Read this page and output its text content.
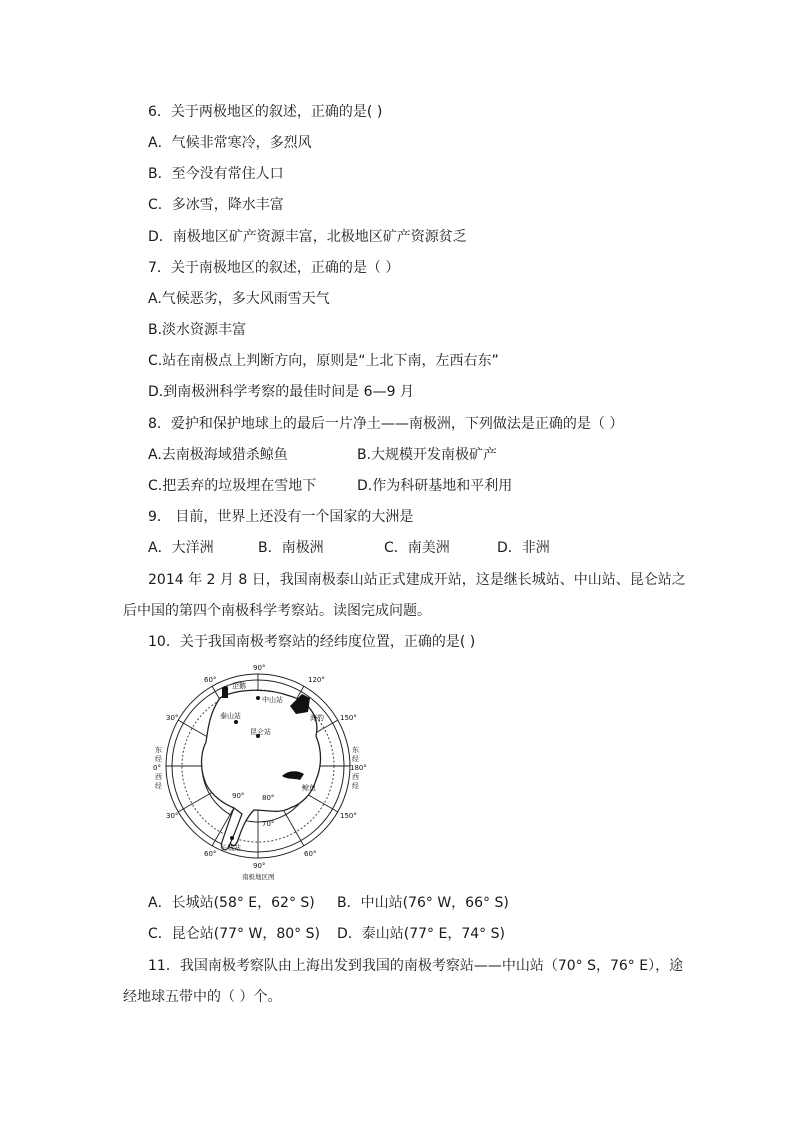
6．关于两极地区的叙述，正确的是( )
A．气候非常寒冷，多烈风
B．至今没有常住人口
C．多冰雪，降水丰富
D．南极地区矿产资源丰富，北极地区矿产资源贫乏
7．关于南极地区的叙述，正确的是（ ）
A.气候恶劣，多大风雨雪天气
B.淡水资源丰富
C.站在南极点上判断方向，原则是“上北下南，左西右东”
D.到南极洲科学考察的最佳时间是 6—9 月
8．爱护和保护地球上的最后一片净土——南极洲，下列做法是正确的是（ ）
A.去南极海域猎杀鲸鱼	B.大规模开发南极矿产
C.把丢弃的垃圾埋在雪地下	D.作为科研基地和平利用
9． 目前，世界上还没有一个国家的大洲是
A．大洋洲	B．南极洲	C．南美洲	D．非洲
2014 年 2 月 8 日，我国南极泰山站正式建成开站，这是继长城站、中山站、昆仑站之
后中国的第四个南极科学考察站。读图完成问题。
10．关于我国南极考察站的经纬度位置，正确的是( )
90°
90°
60°	120°
30°	150°
30°	150°
60°	60°
180°
0°
东
经
西
经
东
经
西
经
70°
80°
90°
企鹅
中山站
泰山站
昆仑站
海豹
鲸鱼
长城站
南极地区图
A．长城站(58° E，62° S) B．中山站(76° W，66° S)
C．昆仑站(77° W，80° S) D．泰山站(77° E，74° S)
11．我国南极考察队由上海出发到我国的南极考察站——中山站（70° S，76° E），途
经地球五带中的（ ）个。
